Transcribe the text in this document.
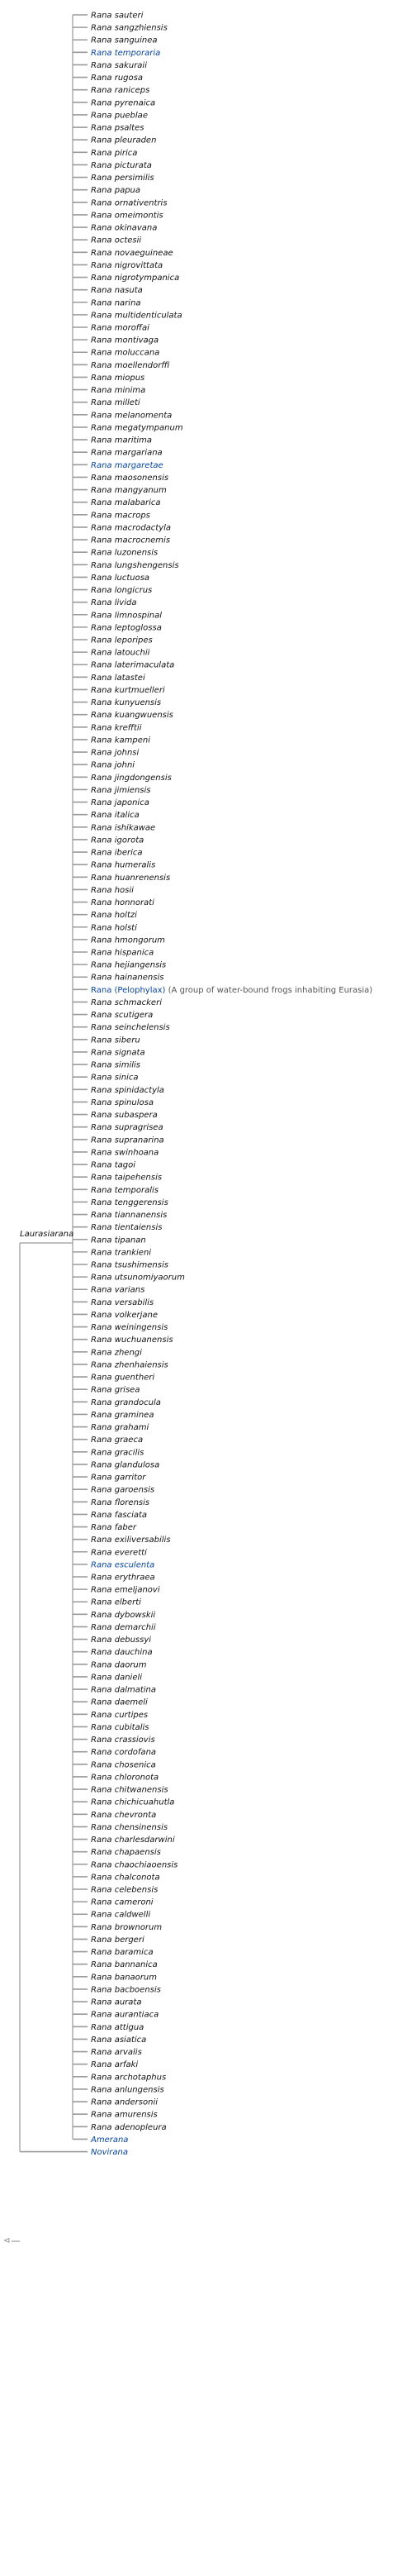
Rana sauteri
Rana sangzhiensis
Rana sanguinea
Rana temporaria
Rana sakuraii
Rana rugosa
Rana raniceps
Rana pyrenaica
Rana pueblae
Rana psaltes
Rana pleuraden
Rana pirica
Rana picturata
Rana persimilis
Rana papua
Rana ornativentris
Rana omeimontis
Rana okinavana
Rana octesii
Rana novaeguineae
Rana nigrovittata
Rana nigrotympanica
Rana nasuta
Rana narina
Rana multidenticulata
Rana moroffai
Rana montivaga
Rana moluccana
Rana moellendorffi
Rana miopus
Rana minima
Rana milleti
Rana melanomenta
Rana megatympanum
Rana maritima
Rana margariana
Rana margaretae
Rana maosonensis
Rana mangyanum
Rana malabarica
Rana macrops
Rana macrodactyla
Rana macrocnemis
Rana luzonensis
Rana lungshengensis
Rana luctuosa
Rana longicrus
Rana livida
Rana limnospinal
Rana leptoglossa
Rana leporipes
Rana latouchii
Rana laterimaculata
Rana latastei
Rana kurtmuelleri
Rana kunyuensis
Rana kuangwuensis
Rana krefftii
Rana kampeni
Rana johnsi
Rana johni
Rana jingdongensis
Rana jimiensis
Rana japonica
Rana italica
Rana ishikawae
Rana igorota
Rana iberica
Rana humeralis
Rana huanrenensis
Rana hosii
Rana honnorati
Rana holtzi
Rana holsti
Rana hmongorum
Rana hispanica
Rana hejiangensis
Rana hainanensis
Rana (Pelophylax) (A group of water-bound frogs inhabiting Eurasia)
Rana schmackeri
Rana scutigera
Rana seinchelensis
Rana siberu
Rana signata
Rana similis
Rana sinica
Rana spinidactyla
Rana spinulosa
Rana subaspera
Rana supragrisea
Rana supranarina
Rana swinhoana
Rana tagoi
Rana taipehensis
Rana temporalis
Rana tenggerensis
Rana tiannanensis
Rana tientaiensis
Rana tipanan
Rana trankieni
Rana tsushimensis
Rana utsunomiyaorum
Rana varians
Rana versabilis
Rana volkerjane
Rana weiningensis
Rana wuchuanensis
Rana zhengi
Rana zhenhaiensis
Rana guentheri
Rana grisea
Rana grandocula
Rana graminea
Rana grahami
Rana graeca
Rana gracilis
Rana glandulosa
Rana garritor
Rana garoensis
Rana florensis
Rana fasciata
Rana faber
Rana exiliversabilis
Rana everetti
Rana esculenta
Rana erythraea
Rana emeljanovi
Rana elberti
Rana dybowskii
Rana demarchii
Rana debussyi
Rana dauchina
Rana daorum
Rana danieli
Rana dalmatina
Rana daemeli
Rana curtipes
Rana cubitalis
Rana crassiovis
Rana cordofana
Rana chosenica
Rana chloronota
Rana chitwanensis
Rana chichicuahutla
Rana chevronta
Rana chensinensis
Rana charlesdarwini
Rana chapaensis
Rana chaochiaoensis
Rana chalconota
Rana celebensis
Rana cameroni
Rana caldwelli
Rana brownorum
Rana bergeri
Rana baramica
Rana bannanica
Rana banaorum
Rana bacboensis
Rana aurata
Rana aurantiaca
Rana attigua
Rana asiatica
Rana arvalis
Rana arfaki
Rana archotaphus
Rana anlungensis
Rana andersonii
Rana amurensis
Rana adenopleura
Amerana
Novirana
Laurasiarana
⊲
